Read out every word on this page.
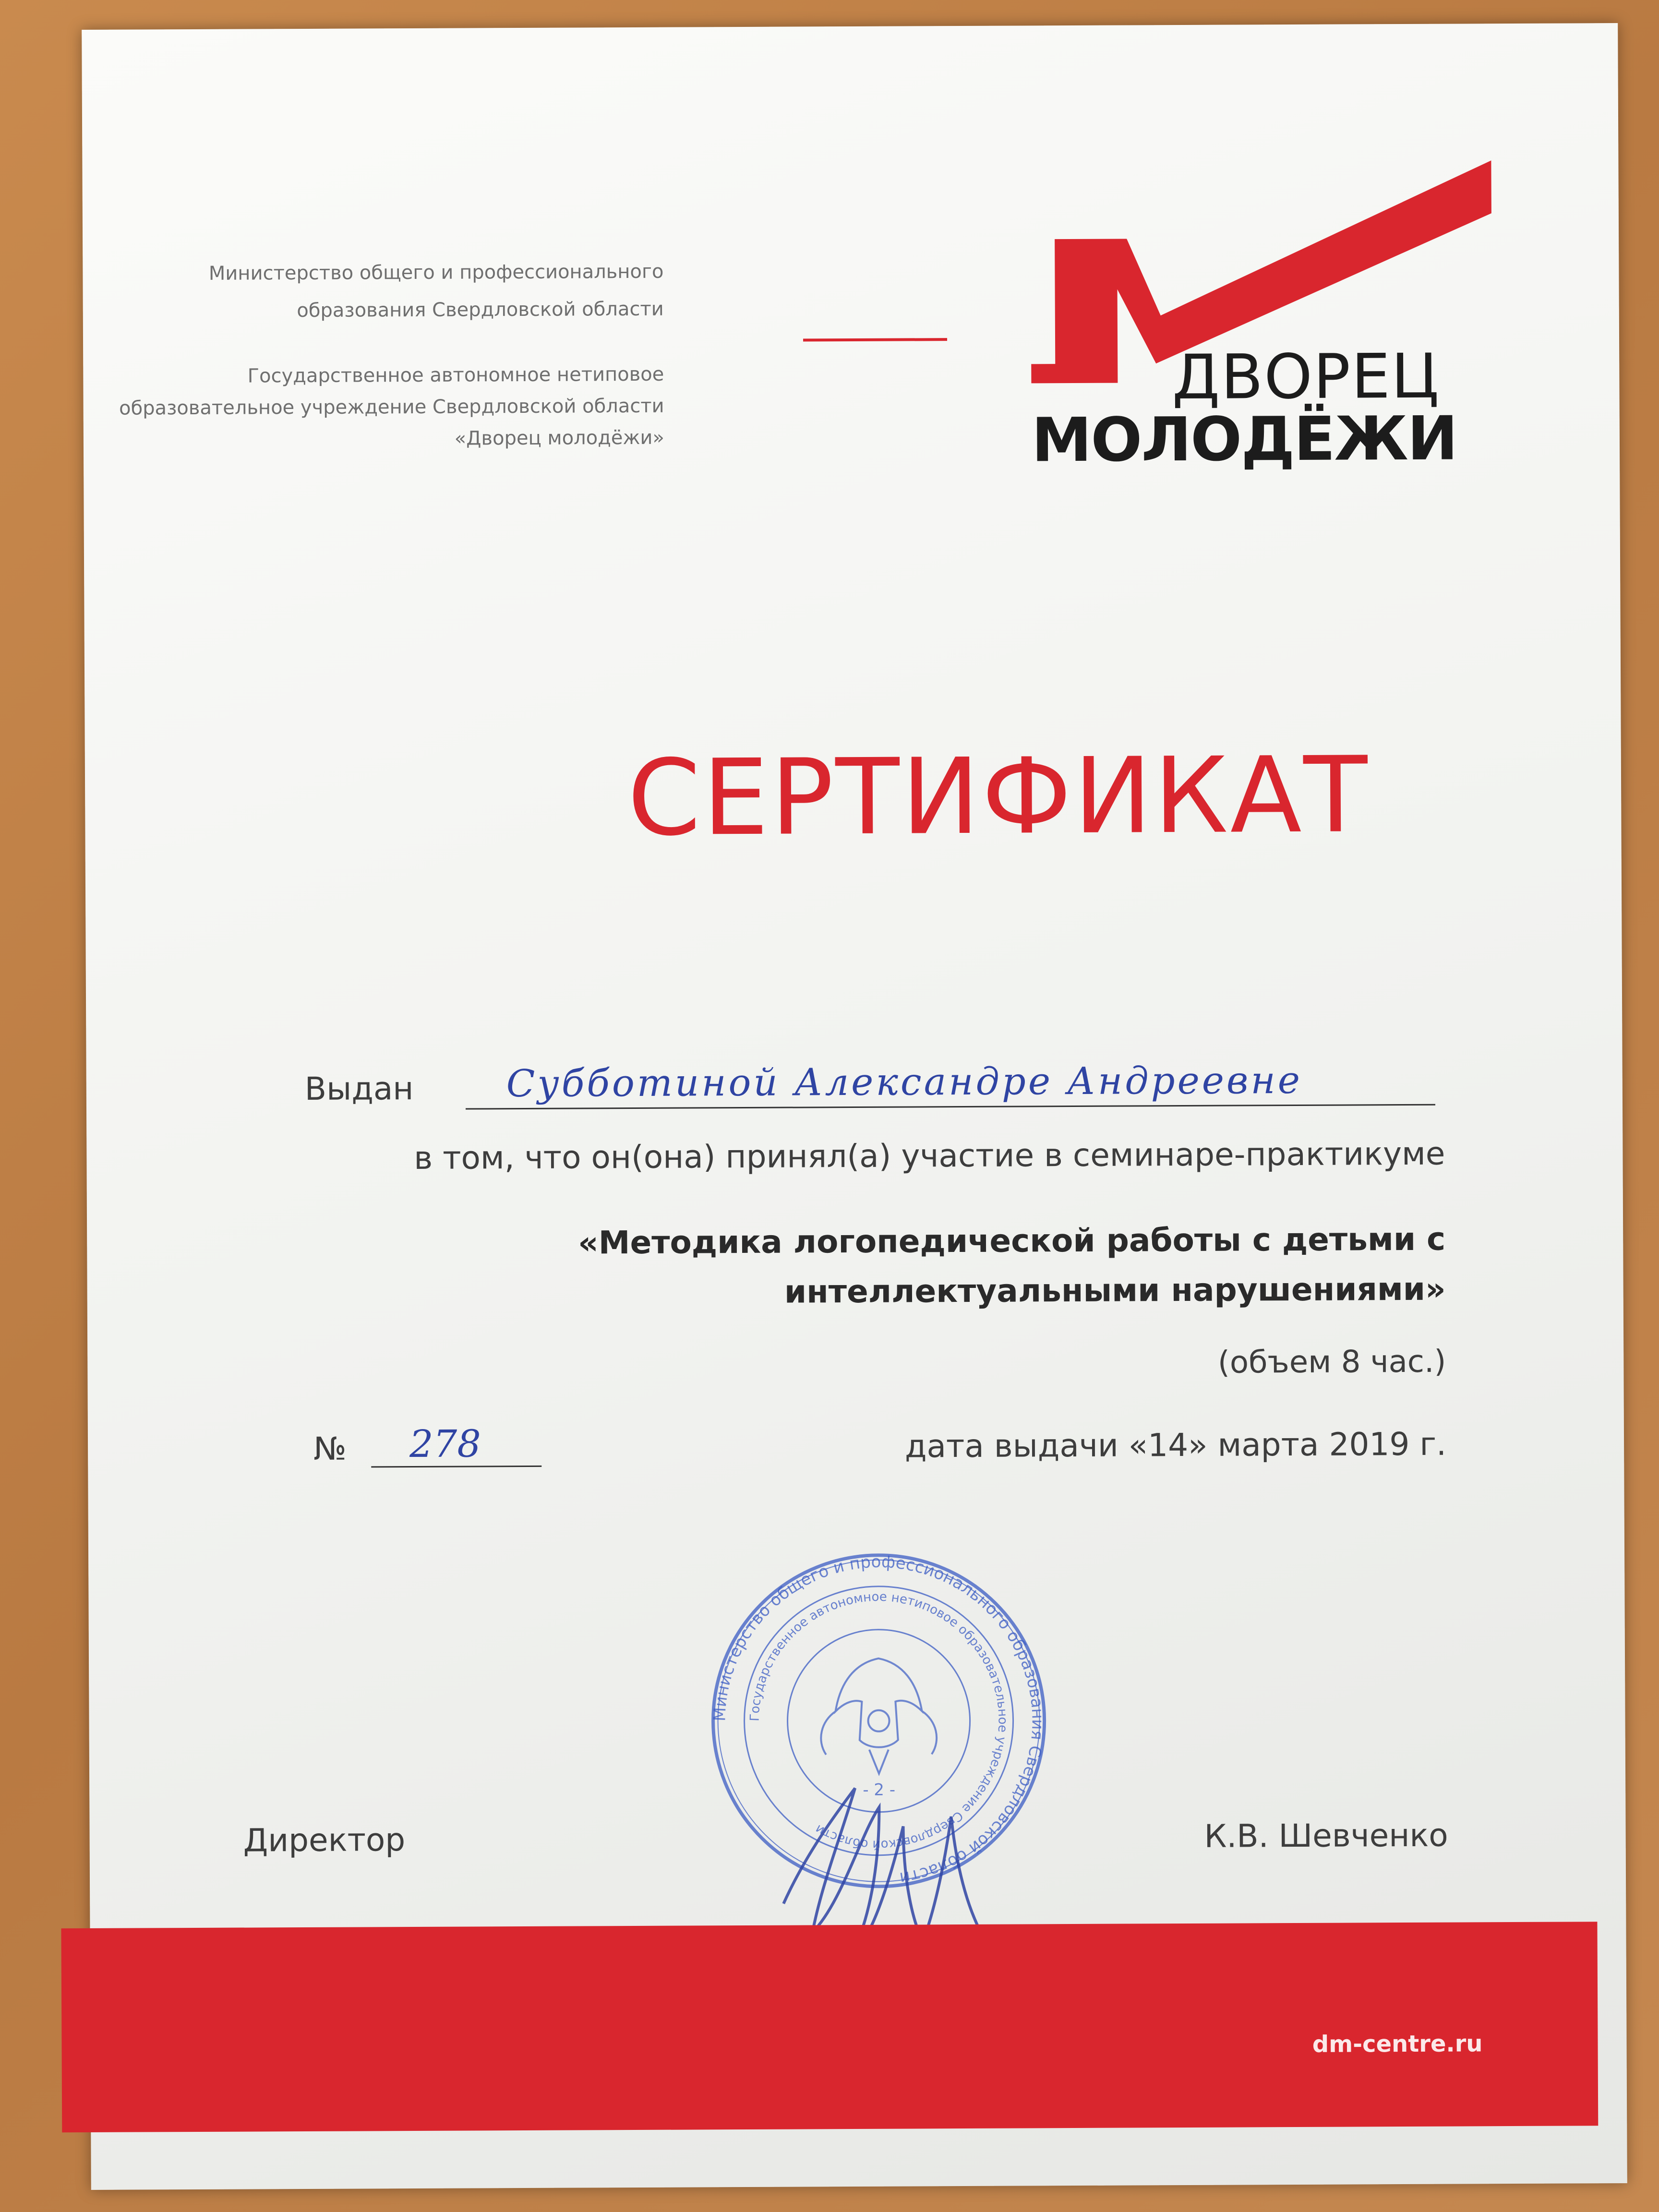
Министерство общего и профессионального
образования Свердловской области
Государственное автономное нетиповое
образовательное учреждение Свердловской области
«Дворец молодёжи»
ДВОРЕЦ
МОЛОДЁЖИ
СЕРТИФИКАТ
Выдан Субботиной Александре Андреевне
в том, что он(она) принял(а) участие в семинаре-практикуме
«Методика логопедической работы с детьми с интеллектуальными нарушениями»
(объем 8 час.)
№ 278	дата выдачи «14» марта 2019 г.
Директор	К.В. Шевченко
Министерство общего и профессионального образования Свердловской области
Государственное автономное нетиповое образовательное учреждение Свердловской области
- 2 -
dm-centre.ru
